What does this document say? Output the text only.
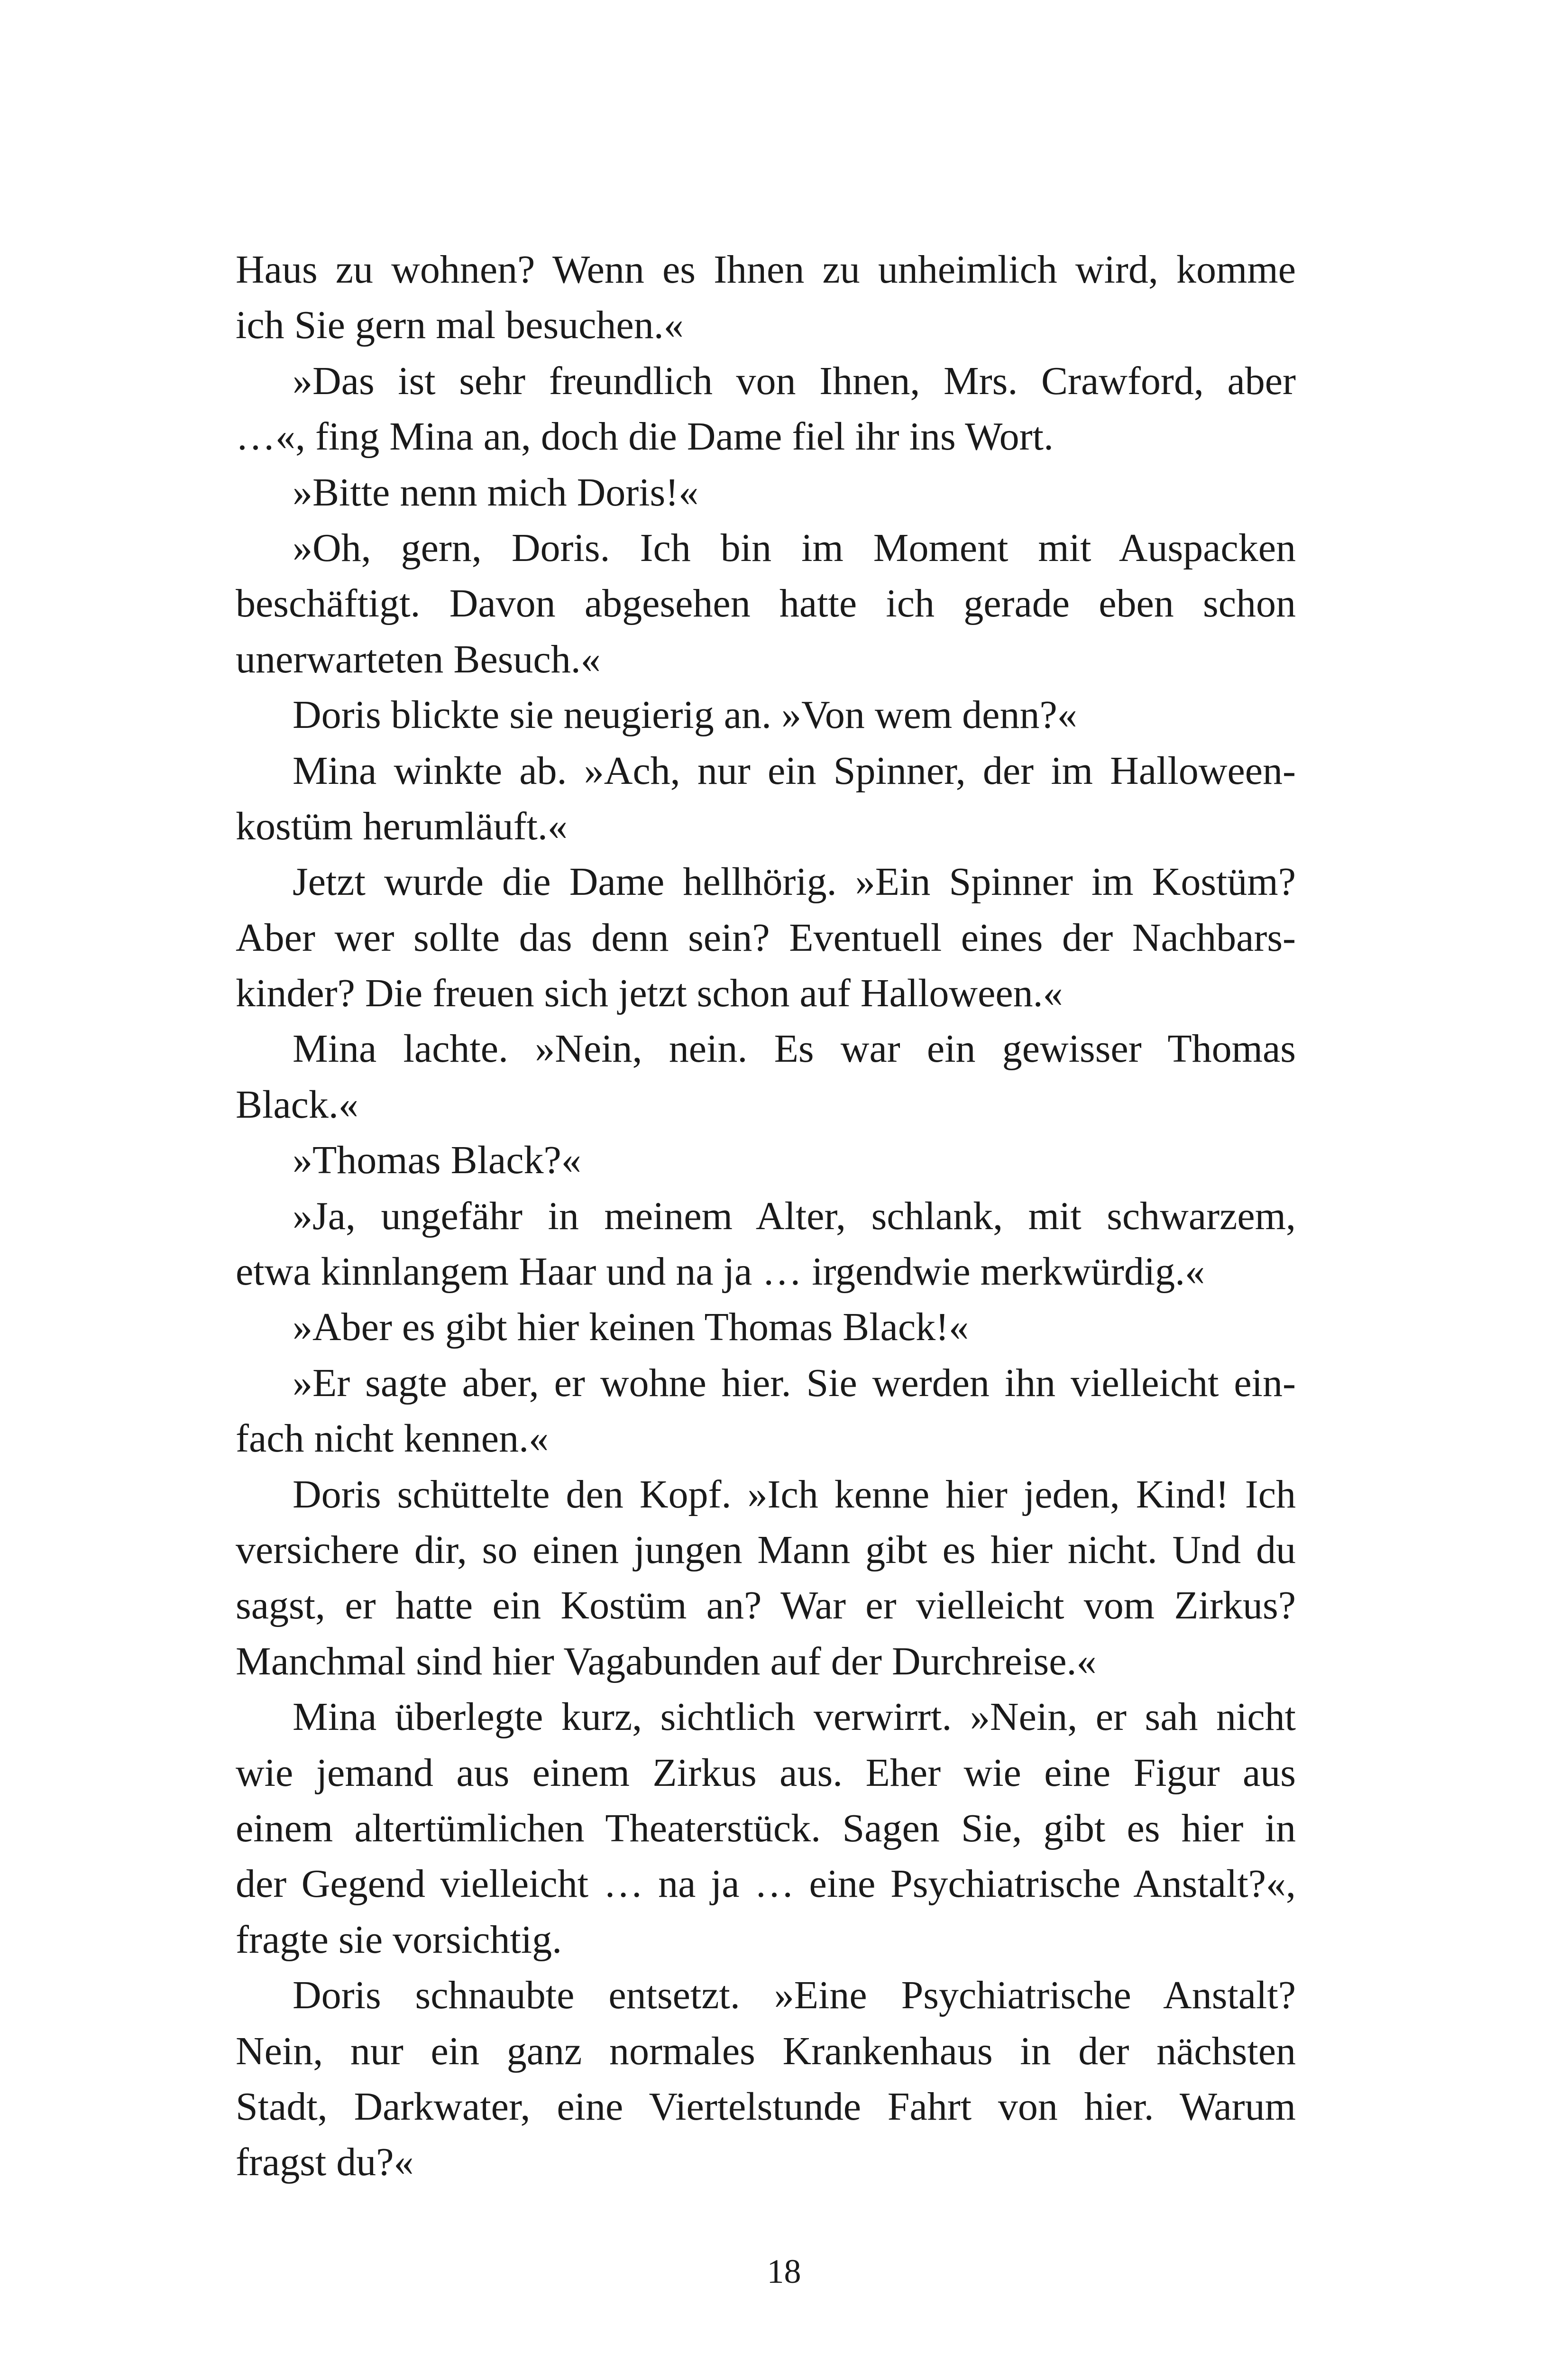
Haus zu wohnen? Wenn es Ihnen zu unheimlich wird, komme
ich Sie gern mal besuchen.«
»Das ist sehr freundlich von Ihnen, Mrs. Crawford, aber
…«, fing Mina an, doch die Dame fiel ihr ins Wort.
»Bitte nenn mich Doris!«
»Oh, gern, Doris. Ich bin im Moment mit Auspacken
beschäftigt. Davon abgesehen hatte ich gerade eben schon
unerwarteten Besuch.«
Doris blickte sie neugierig an. »Von wem denn?«
Mina winkte ab. »Ach, nur ein Spinner, der im Halloween-
kostüm herumläuft.«
Jetzt wurde die Dame hellhörig. »Ein Spinner im Kostüm?
Aber wer sollte das denn sein? Eventuell eines der Nachbars-
kinder? Die freuen sich jetzt schon auf Halloween.«
Mina lachte. »Nein, nein. Es war ein gewisser Thomas
Black.«
»Thomas Black?«
»Ja, ungefähr in meinem Alter, schlank, mit schwarzem,
etwa kinnlangem Haar und na ja … irgendwie merkwürdig.«
»Aber es gibt hier keinen Thomas Black!«
»Er sagte aber, er wohne hier. Sie werden ihn vielleicht ein-
fach nicht kennen.«
Doris schüttelte den Kopf. »Ich kenne hier jeden, Kind! Ich
versichere dir, so einen jungen Mann gibt es hier nicht. Und du
sagst, er hatte ein Kostüm an? War er vielleicht vom Zirkus?
Manchmal sind hier Vagabunden auf der Durchreise.«
Mina überlegte kurz, sichtlich verwirrt. »Nein, er sah nicht
wie jemand aus einem Zirkus aus. Eher wie eine Figur aus
einem altertümlichen Theaterstück. Sagen Sie, gibt es hier in
der Gegend vielleicht … na ja … eine Psychiatrische Anstalt?«,
fragte sie vorsichtig.
Doris schnaubte entsetzt. »Eine Psychiatrische Anstalt?
Nein, nur ein ganz normales Krankenhaus in der nächsten
Stadt, Darkwater, eine Viertelstunde Fahrt von hier. Warum
fragst du?«
18
